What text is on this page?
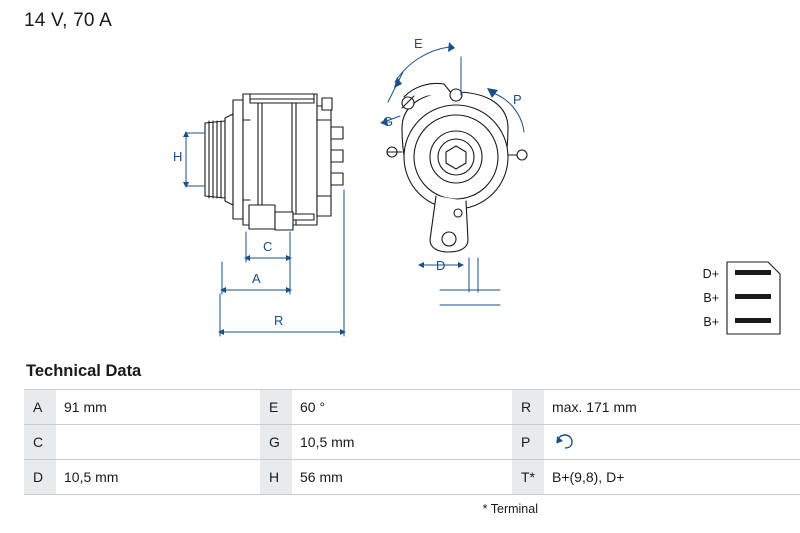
14 V, 70 A
H
C
A
R
E
G
P
D
D+
B+
B+
Technical Data
A	91 mm	E	60 °	R	max. 171 mm
C		G	10,5 mm	P	
D	10,5 mm	H	56 mm	T*	B+(9,8), D+
* Terminal
